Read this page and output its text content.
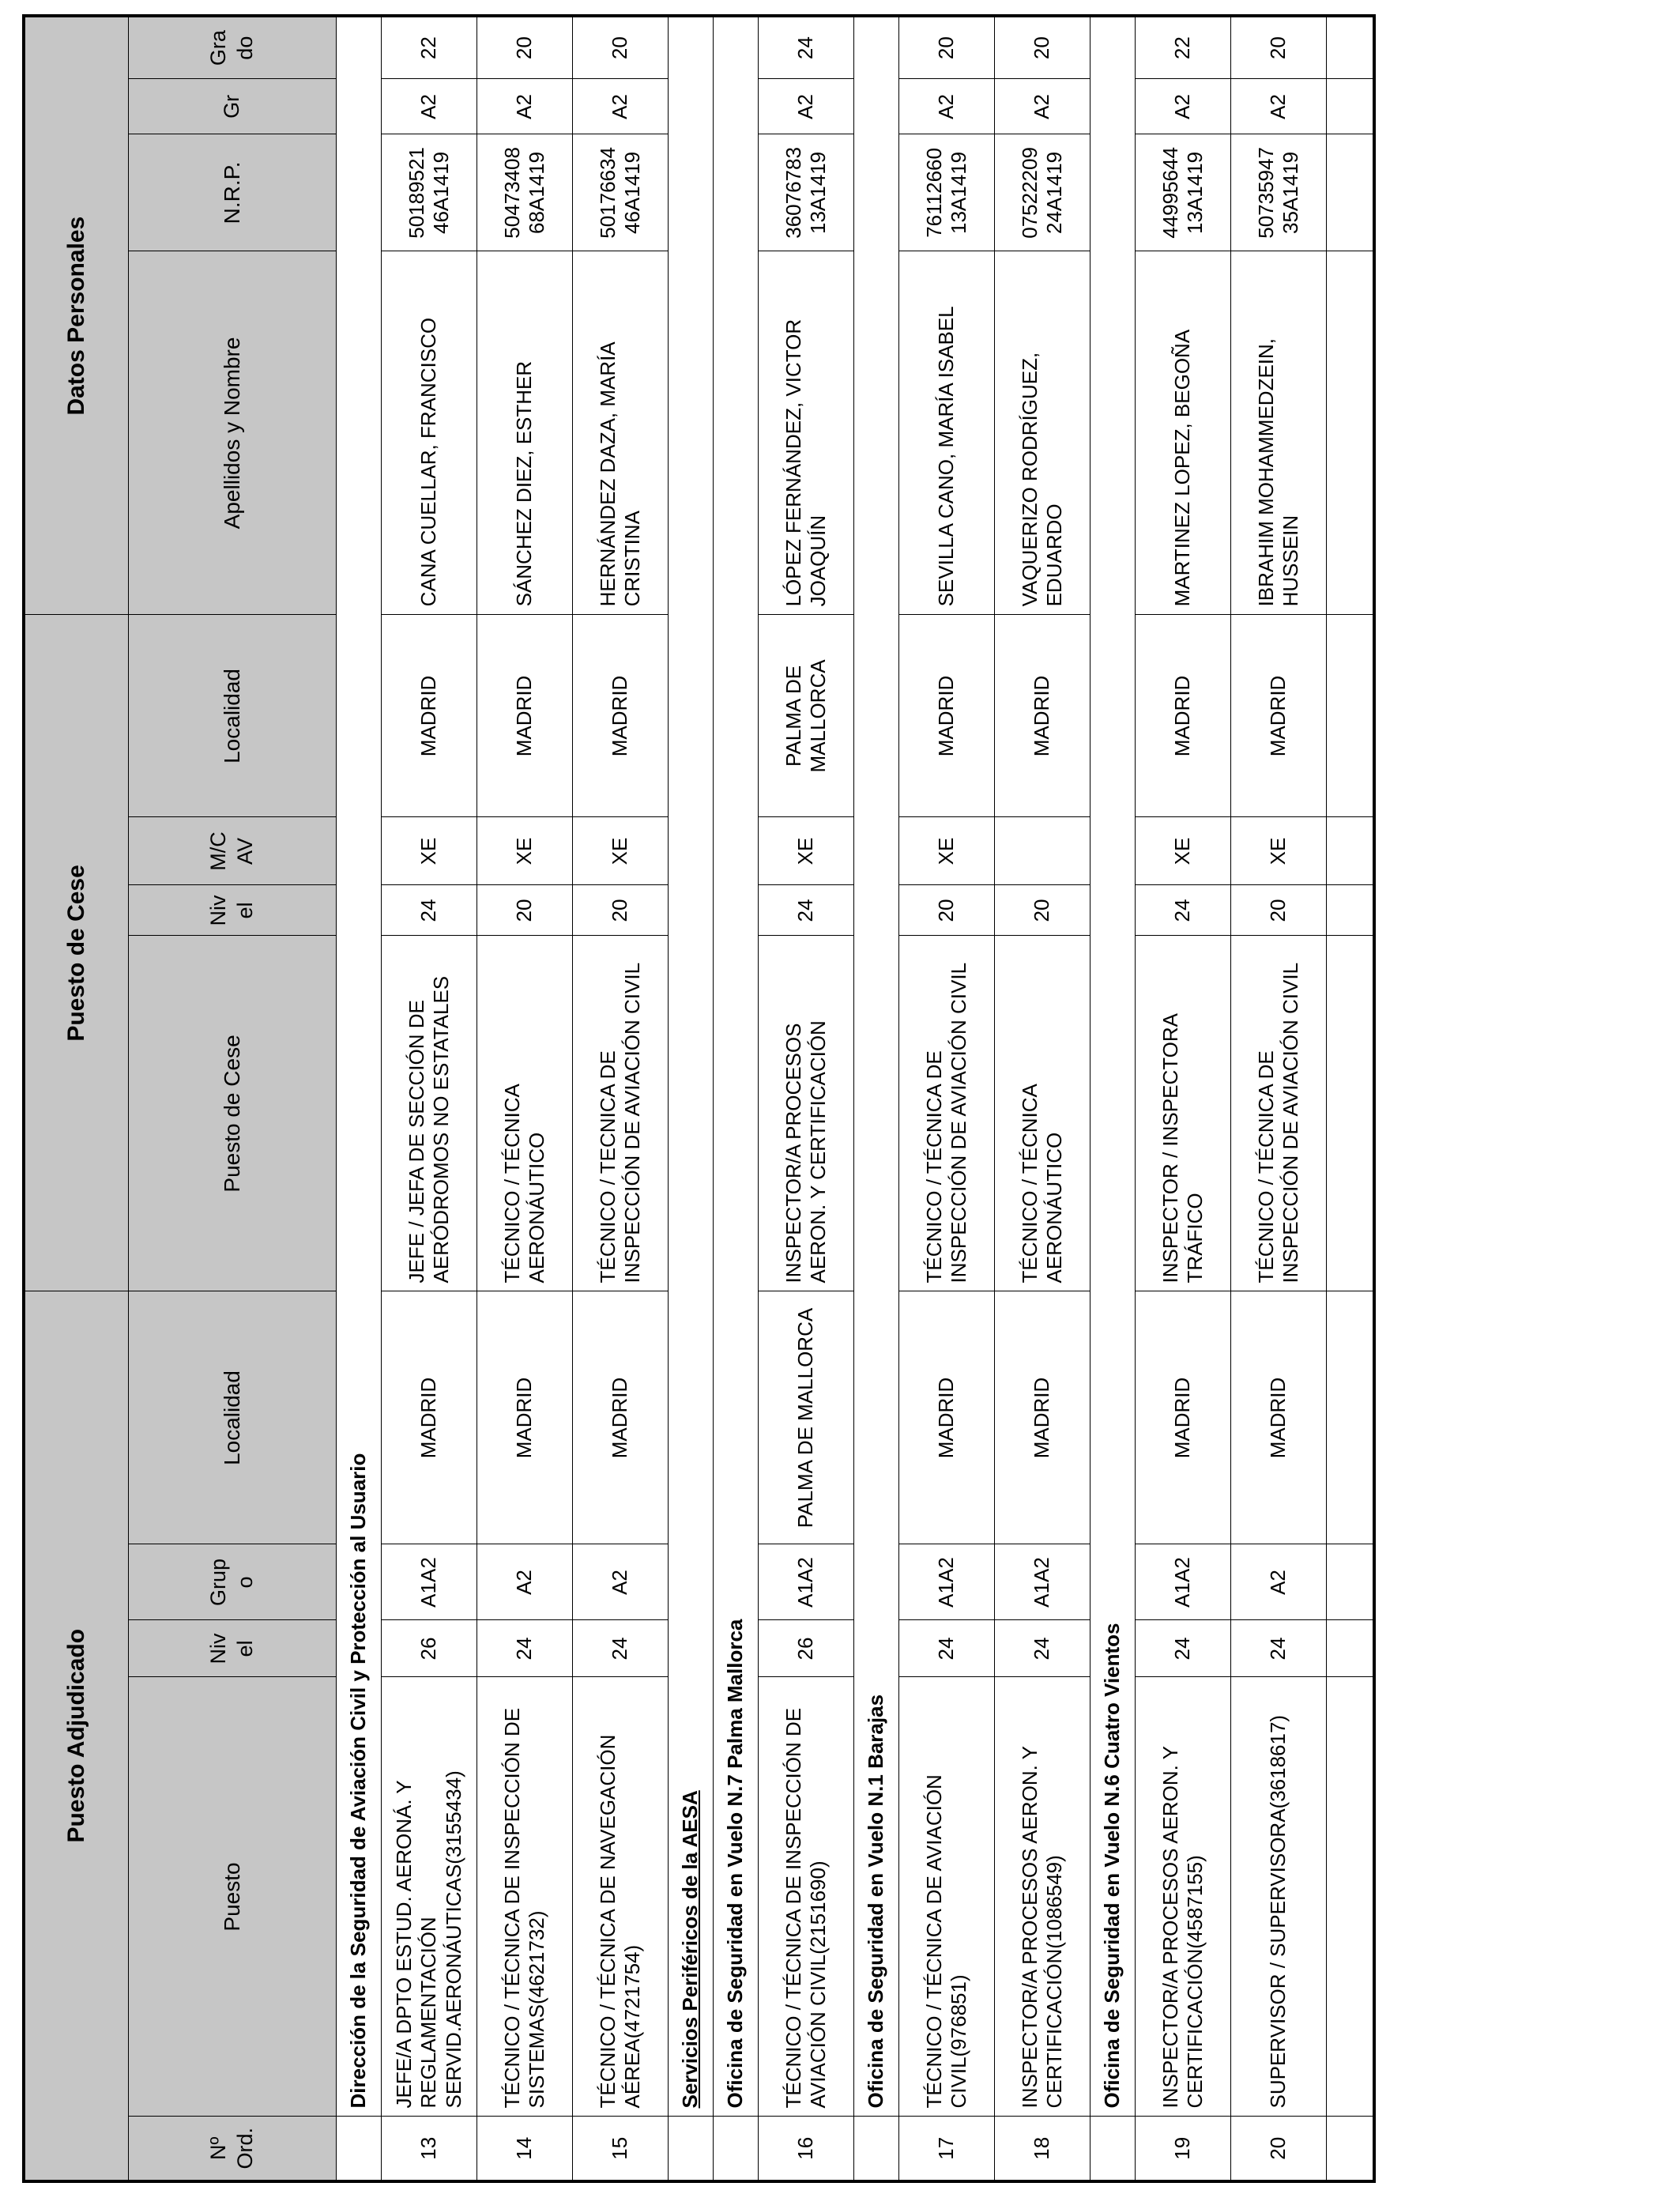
Puesto Adjudicado					Puesto de Cese				Datos Personales			

Nº Ord.	Puesto	Nivel	Grupo	Localidad	Puesto de Cese	Nivel	M/CAV	Localidad	Apellidos y Nombre	N.R.P.	Gr	Grado

	Dirección de la Seguridad de Aviación Civil y Protección al Usuario											
13	JEFE/A DPTO ESTUD. AERONÁ. Y REGLAMENTACIÓN SERVID.AERONÁUTICAS(3155434)	26	A1A2	MADRID	JEFE / JEFA DE SECCIÓN DE AERÓDROMOS NO ESTATALES	24	XE	MADRID	CANA CUELLAR, FRANCISCO	5018952146A1419	A2	22
14	TÉCNICO / TÉCNICA DE INSPECCIÓN DE SISTEMAS(4621732)	24	A2	MADRID	TÉCNICO / TÉCNICA AERONÁUTICO	20	XE	MADRID	SÁNCHEZ DIEZ, ESTHER	5047340868A1419	A2	20
15	TÉCNICO / TÉCNICA DE NAVEGACIÓN AÉREA(4721754)	24	A2	MADRID	TÉCNICO / TECNICA DE INSPECCIÓN DE AVIACIÓN CIVIL	20	XE	MADRID	HERNÁNDEZ DAZA, MARÍA CRISTINA	5017663446A1419	A2	20
	Servicios Periféricos de la AESA											
	Oficina de Seguridad en Vuelo N.7 Palma Mallorca											
16	TÉCNICO / TÉCNICA DE INSPECCIÓN DE AVIACIÓN CIVIL(2151690)	26	A1A2	PALMA DE MALLORCA	INSPECTOR/A PROCESOS AERON. Y CERTIFICACIÓN	24	XE	PALMA DE MALLORCA	LÓPEZ FERNÁNDEZ, VICTOR JOAQUÍN	3607678313A1419	A2	24
	Oficina de Seguridad en Vuelo N.1 Barajas											
17	TÉCNICO / TÉCNICA DE AVIACIÓN CIVIL(976851)	24	A1A2	MADRID	TÉCNICO / TÉCNICA DE INSPECCIÓN DE AVIACIÓN CIVIL	20	XE	MADRID	SEVILLA CANO, MARÍA ISABEL	7611266013A1419	A2	20
18	INSPECTOR/A PROCESOS AERON. Y CERTIFICACIÓN(1086549)	24	A1A2	MADRID	TÉCNICO / TÉCNICA AERONÁUTICO	20		MADRID	VAQUERIZO RODRÍGUEZ, EDUARDO	0752220924A1419	A2	20
	Oficina de Seguridad en Vuelo N.6 Cuatro Vientos											
19	INSPECTOR/A PROCESOS AERON. Y CERTIFICACIÓN(4587155)	24	A1A2	MADRID	INSPECTOR / INSPECTORA TRÁFICO	24	XE	MADRID	MARTINEZ LOPEZ, BEGOÑA	4499564413A1419	A2	22
20	SUPERVISOR / SUPERVISORA(3618617)	24	A2	MADRID	TÉCNICO / TÉCNICA DE INSPECCIÓN DE AVIACIÓN CIVIL	20	XE	MADRID	IBRAHIM MOHAMMEDZEIN, HUSSEIN	5073594735A1419	A2	20
